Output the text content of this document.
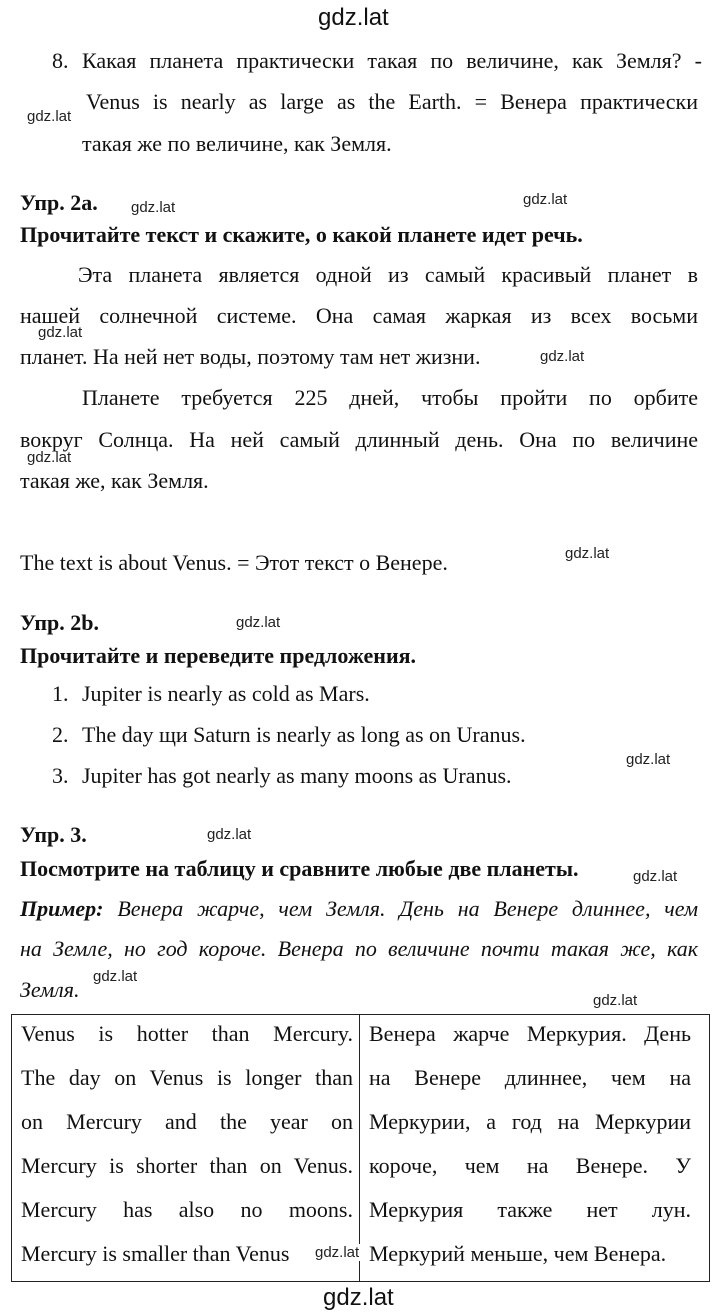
gdz.lat
8. Какая планета практически такая по величине, как Земля? -
gdz.lat
Venus is nearly as large as the Earth. = Венера практически
такая же по величине, как Земля.
Упр. 2а. gdz.lat	gdz.lat
Прочитайте текст и скажите, о какой планете идет речь.
Эта планета является одной из самый красивый планет в
нашей солнечной системе. Она самая жаркая из всех восьми
gdz.lat
планет. На ней нет воды, поэтому там нет жизни.	gdz.lat
Планете требуется 225 дней, чтобы пройти по орбите
вокруг Солнца. На ней самый длинный день. Она по величине
gdz.lat
такая же, как Земля.
The text is about Venus. = Этот текст о Венере.	gdz.lat
Упр. 2b.	gdz.lat
Прочитайте и переведите предложения.
1. Jupiter is nearly as cold as Mars.
2. The day щи Saturn is nearly as long as on Uranus.
gdz.lat
3. Jupiter has got nearly as many moons as Uranus.
Упр. 3.	gdz.lat
Посмотрите на таблицу и сравните любые две планеты.	gdz.lat
Пример: Венера жарче, чем Земля. День на Венере длиннее, чем
на Земле, но год короче. Венера по величине почти такая же, как
Земля.
gdz.lat
gdz.lat
Venus is hotter than Mercury.
The day on Venus is longer than
on Mercury and the year on
Mercury is shorter than on Venus.
Mercury has also no moons.
Mercury is smaller than Venus

Венера жарче Меркурия. День
на Венере длиннее, чем на
Меркурии, а год на Меркурии
короче, чем на Венере. У
Меркурия также нет лун.
Меркурий меньше, чем Венера.
gdz.lat
gdz.lat
